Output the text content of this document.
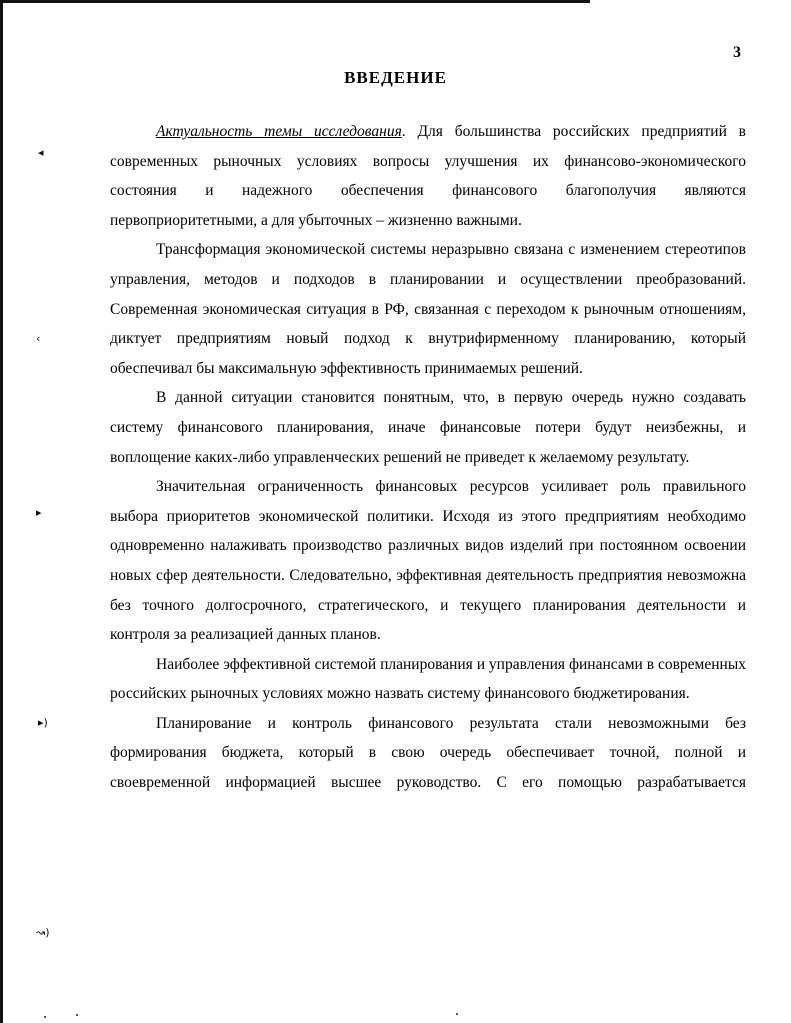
3
ВВЕДЕНИЕ

Актуальность темы исследования. Для большинства российских предприятий в современных рыночных условиях вопросы улучшения их финансово-экономического состояния и надежного обеспечения финансового благополучия являются первоприоритетными, а для убыточных – жизненно важными.

Трансформация экономической системы неразрывно связана с изменением стереотипов управления, методов и подходов в планировании и осуществлении преобразований. Современная экономическая ситуация в РФ, связанная с переходом к рыночным отношениям, диктует предприятиям новый подход к внутрифирменному планированию, который обеспечивал бы максимальную эффективность принимаемых решений.

В данной ситуации становится понятным, что, в первую очередь нужно создавать систему финансового планирования, иначе финансовые потери будут неизбежны, и воплощение каких-либо управленческих решений не приведет к желаемому результату.

Значительная ограниченность финансовых ресурсов усиливает роль правильного выбора приоритетов экономической политики. Исходя из этого предприятиям необходимо одновременно налаживать производство различных видов изделий при постоянном освоении новых сфер деятельности. Следовательно, эффективная деятельность предприятия невозможна без точного долгосрочного, стратегического, и текущего планирования деятельности и контроля за реализацией данных планов.

Наиболее эффективной системой планирования и управления финансами в современных российских рыночных условиях можно назвать систему финансового бюджетирования.

Планирование и контроль финансового результата стали невозможными без формирования бюджета, который в свою очередь обеспечивает точной, полной и своевременной информацией высшее руководство. С его помощью разрабатывается

◂
‹
▸
▸)
↝)
